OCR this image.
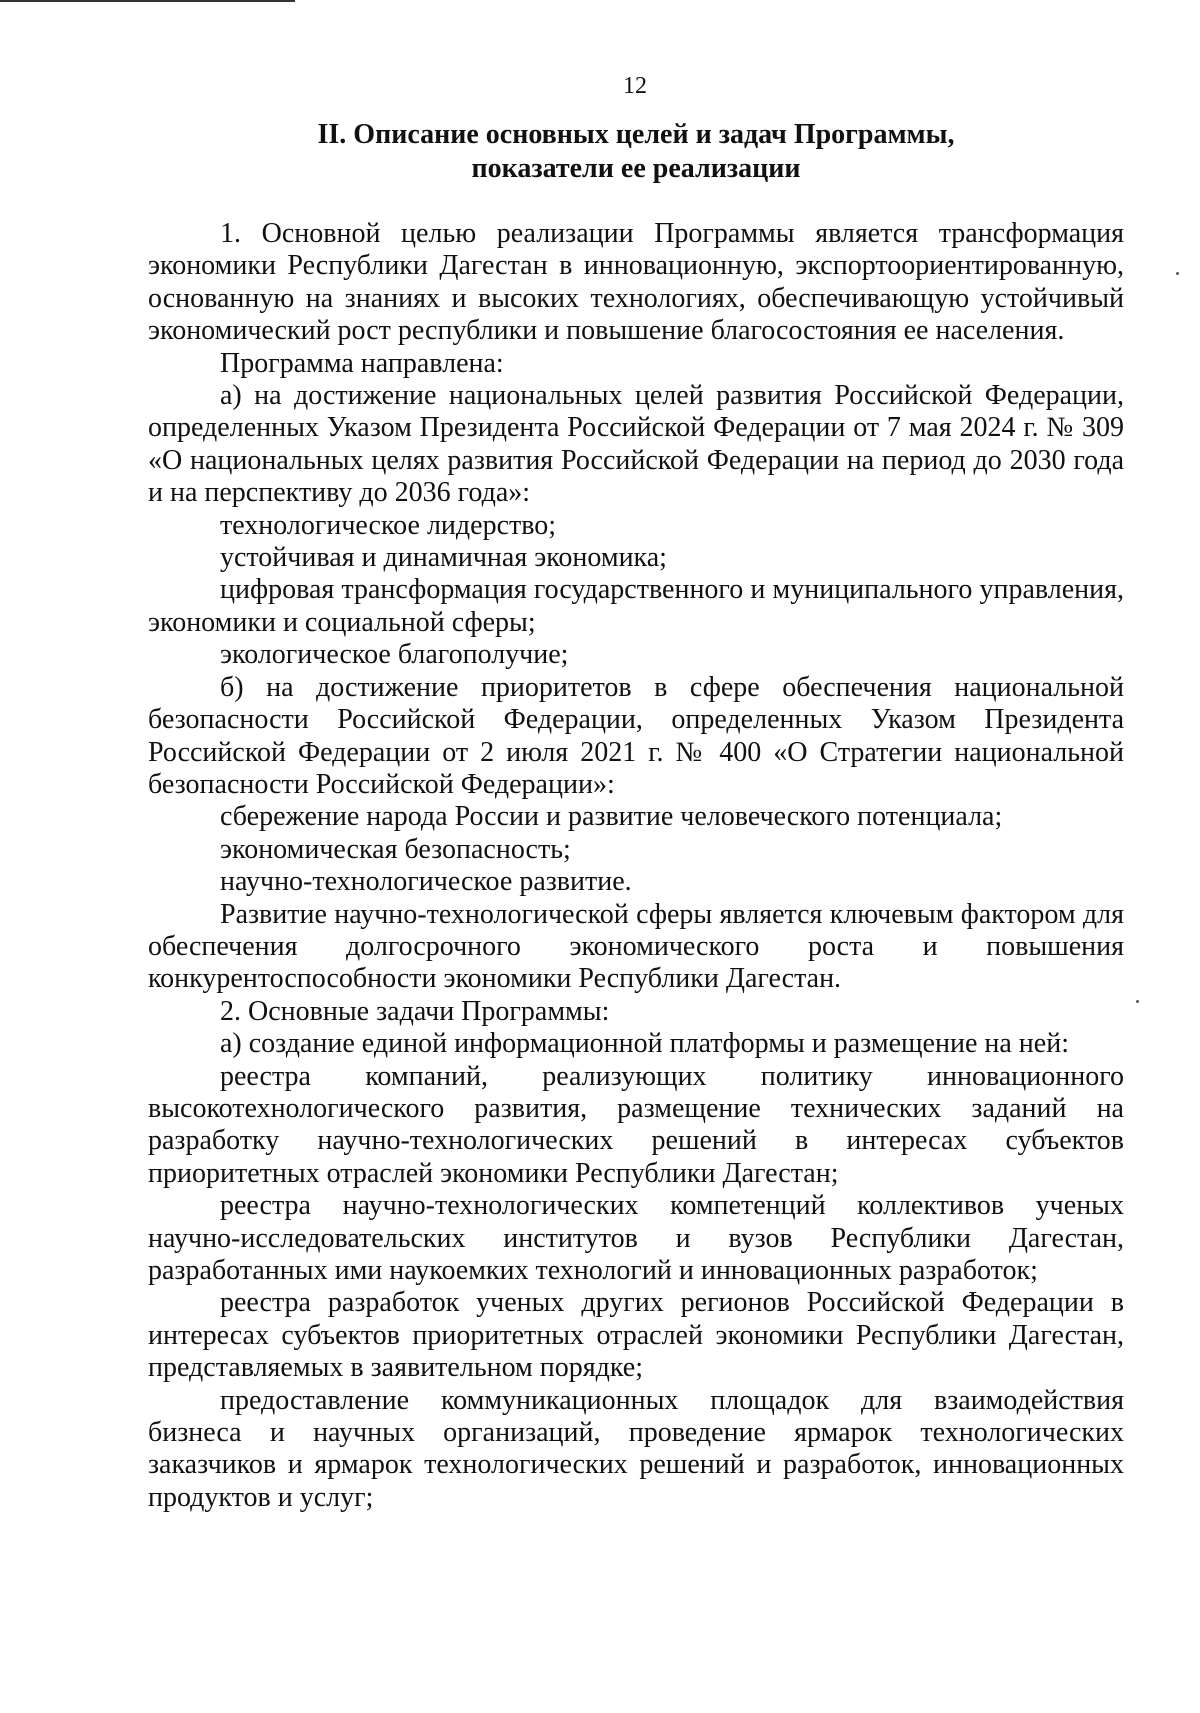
12
II. Описание основных целей и задач Программы,
показатели ее реализации

1. Основной целью реализации Программы является трансформация экономики Республики Дагестан в инновационную, экспортоориентированную, основанную на знаниях и высоких технологиях, обеспечивающую устойчивый экономический рост республики и повышение благосостояния ее населения.

Программа направлена:

а) на достижение национальных целей развития Российской Федерации, определенных Указом Президента Российской Федерации от 7 мая 2024 г. № 309 «О национальных целях развития Российской Федерации на период до 2030 года и на перспективу до 2036 года»:

технологическое лидерство;

устойчивая и динамичная экономика;

цифровая трансформация государственного и муниципального управления, экономики и социальной сферы;

экологическое благополучие;

б) на достижение приоритетов в сфере обеспечения национальной безопасности Российской Федерации, определенных Указом Президента Российской Федерации от 2 июля 2021 г. № 400 «О Стратегии национальной безопасности Российской Федерации»:

сбережение народа России и развитие человеческого потенциала;

экономическая безопасность;

научно-технологическое развитие.

Развитие научно-технологической сферы является ключевым фактором для обеспечения долгосрочного экономического роста и повышения конкурентоспособности экономики Республики Дагестан.

2. Основные задачи Программы:

а) создание единой информационной платформы и размещение на ней:

реестра компаний, реализующих политику инновационного высокотехнологического развития, размещение технических заданий на разработку научно-технологических решений в интересах субъектов приоритетных отраслей экономики Республики Дагестан;

реестра научно-технологических компетенций коллективов ученых научно-исследовательских институтов и вузов Республики Дагестан, разработанных ими наукоемких технологий и инновационных разработок;

реестра разработок ученых других регионов Российской Федерации в интересах субъектов приоритетных отраслей экономики Республики Дагестан, представляемых в заявительном порядке;

предоставление коммуникационных площадок для взаимодействия бизнеса и научных организаций, проведение ярмарок технологических заказчиков и ярмарок технологических решений и разработок, инновационных продуктов и услуг;
